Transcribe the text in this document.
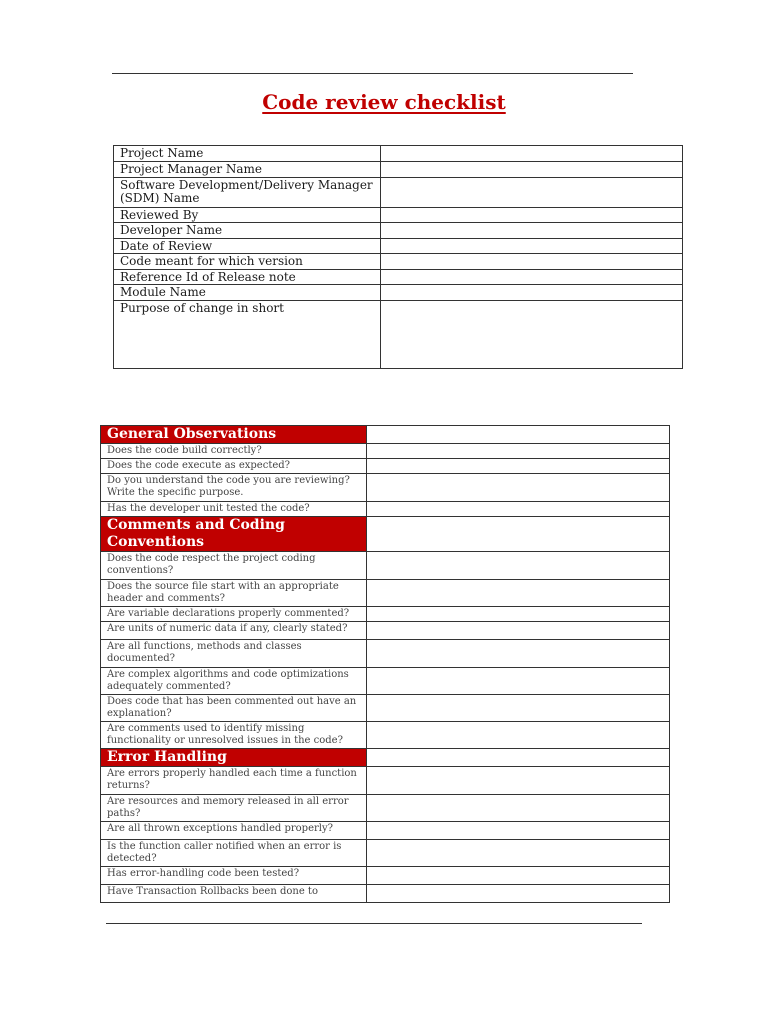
Code review checklist
Project Name	
Project Manager Name	
Software Development/Delivery Manager (SDM) Name	
Reviewed By	
Developer Name	
Date of Review	
Code meant for which version	
Reference Id of Release note	
Module Name	
Purpose of change in short	
General Observations	
Does the code build correctly?	
Does the code execute as expected?	
Do you understand the code you are reviewing? Write the specific purpose.	
Has the developer unit tested the code?	
Comments and Coding Conventions	
Does the code respect the project coding conventions?	
Does the source file start with an appropriate header and comments?	
Are variable declarations properly commented?	
Are units of numeric data if any, clearly stated?	
Are all functions, methods and classes documented?	
Are complex algorithms and code optimizations adequately commented?	
Does code that has been commented out have an explanation?	
Are comments used to identify missing functionality or unresolved issues in the code?	
Error Handling	
Are errors properly handled each time a function returns?	
Are resources and memory released in all error paths?	
Are all thrown exceptions handled properly?	
Is the function caller notified when an error is detected?	
Has error-handling code been tested?	
Have Transaction Rollbacks been done to	
